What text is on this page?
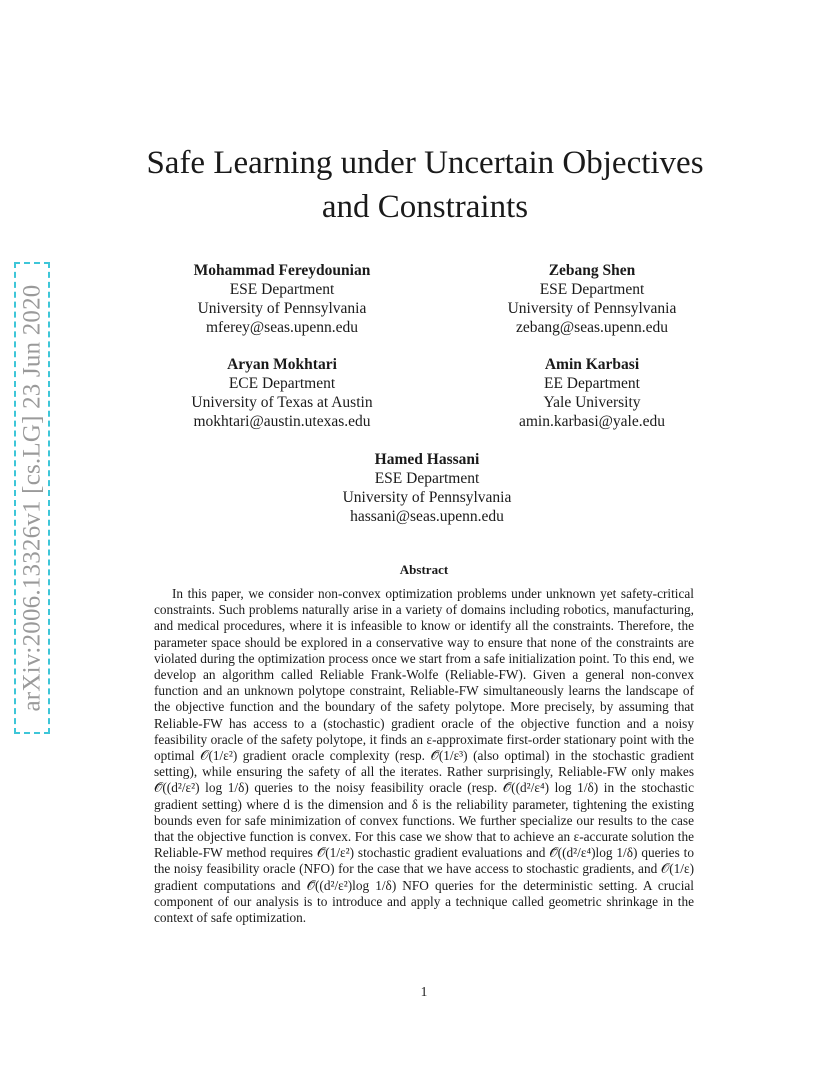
arXiv:2006.13326v1 [cs.LG] 23 Jun 2020
Safe Learning under Uncertain Objectives and Constraints
Mohammad Fereydounian
ESE Department
University of Pennsylvania
mferey@seas.upenn.edu
Zebang Shen
ESE Department
University of Pennsylvania
zebang@seas.upenn.edu
Aryan Mokhtari
ECE Department
University of Texas at Austin
mokhtari@austin.utexas.edu
Amin Karbasi
EE Department
Yale University
amin.karbasi@yale.edu
Hamed Hassani
ESE Department
University of Pennsylvania
hassani@seas.upenn.edu
Abstract

In this paper, we consider non-convex optimization problems under unknown yet safety-critical constraints. Such problems naturally arise in a variety of domains including robotics, manufacturing, and medical procedures, where it is infeasible to know or identify all the constraints. Therefore, the parameter space should be explored in a conservative way to ensure that none of the constraints are violated during the optimization process once we start from a safe initialization point. To this end, we develop an algorithm called Reliable Frank-Wolfe (Reliable-FW). Given a general non-convex function and an unknown polytope constraint, Reliable-FW simultaneously learns the landscape of the objective function and the boundary of the safety polytope. More precisely, by assuming that Reliable-FW has access to a (stochastic) gradient oracle of the objective function and a noisy feasibility oracle of the safety polytope, it finds an ε-approximate first-order stationary point with the optimal 𝒪(1/ε²) gradient oracle complexity (resp. 𝒪̃(1/ε³) (also optimal) in the stochastic gradient setting), while ensuring the safety of all the iterates. Rather surprisingly, Reliable-FW only makes 𝒪̃((d²/ε²) log 1/δ) queries to the noisy feasibility oracle (resp. 𝒪̃((d²/ε⁴) log 1/δ) in the stochastic gradient setting) where d is the dimension and δ is the reliability parameter, tightening the existing bounds even for safe minimization of convex functions. We further specialize our results to the case that the objective function is convex. For this case we show that to achieve an ε-accurate solution the Reliable-FW method requires 𝒪̃(1/ε²) stochastic gradient evaluations and 𝒪̃((d²/ε⁴)log 1/δ) queries to the noisy feasibility oracle (NFO) for the case that we have access to stochastic gradients, and 𝒪(1/ε) gradient computations and 𝒪̃((d²/ε²)log 1/δ) NFO queries for the deterministic setting. A crucial component of our analysis is to introduce and apply a technique called geometric shrinkage in the context of safe optimization.

1
